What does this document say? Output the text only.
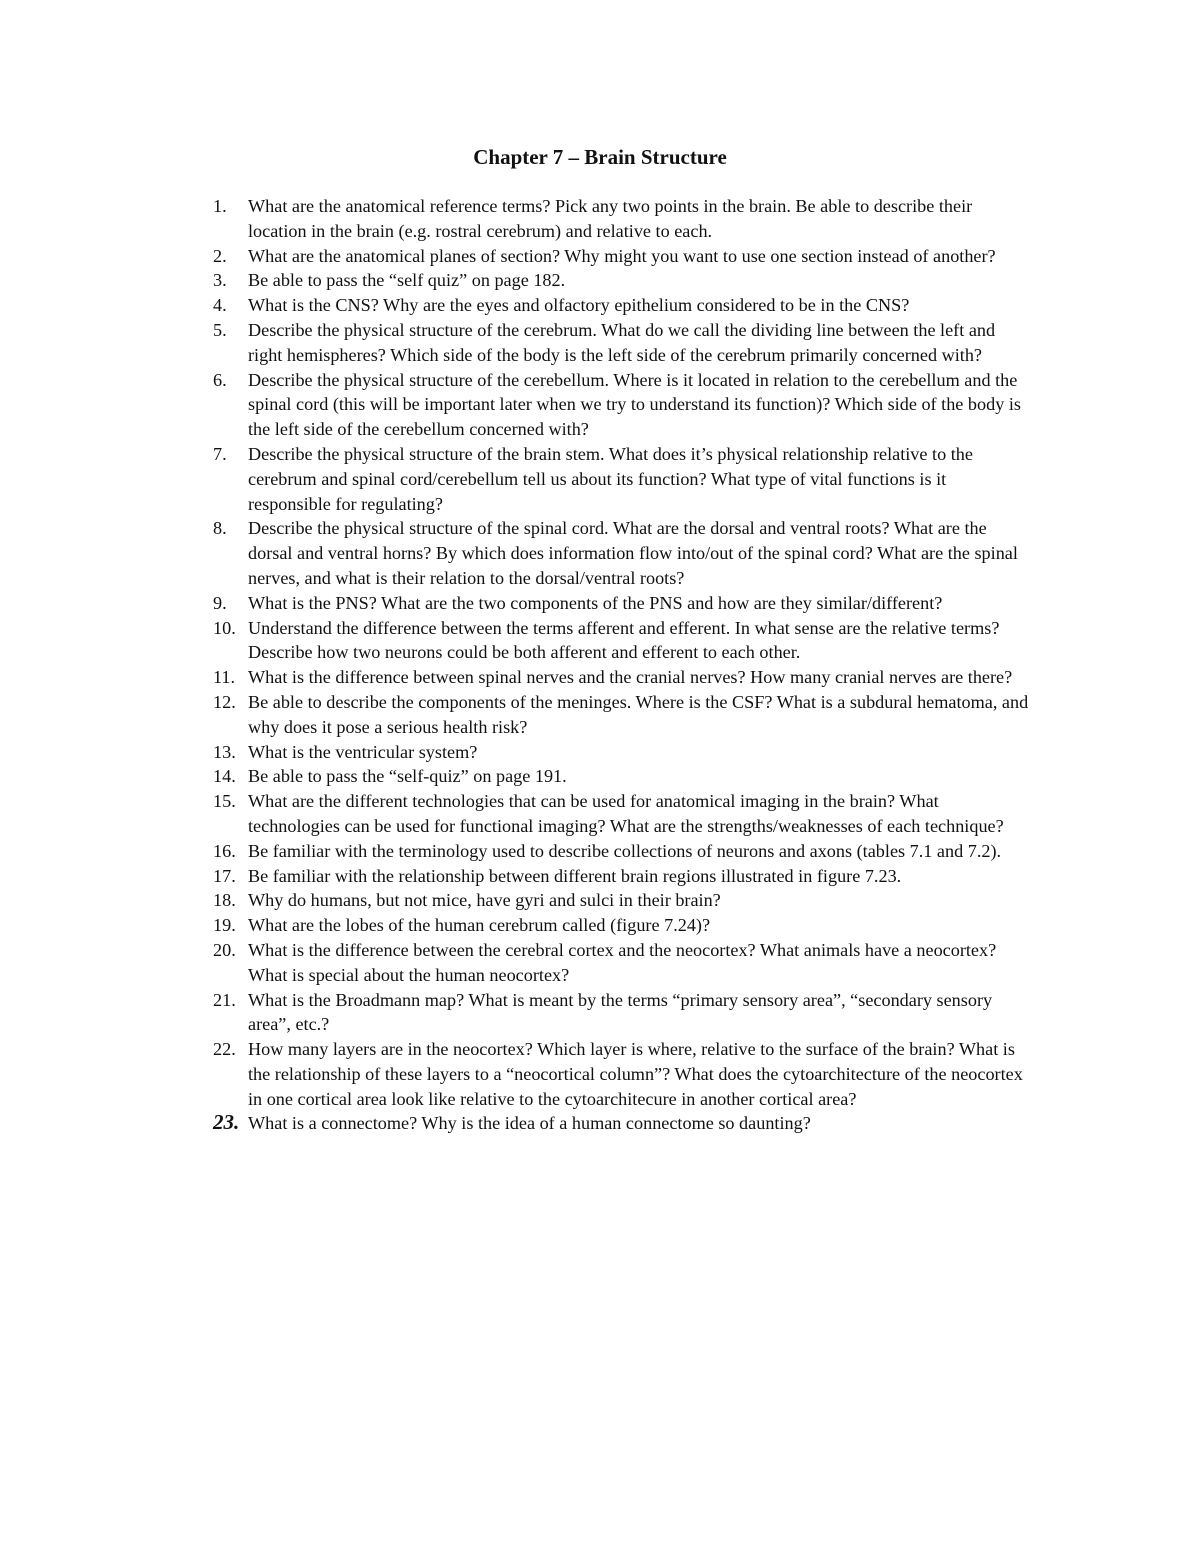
Chapter 7 – Brain Structure
1.	What are the anatomical reference terms? Pick any two points in the brain. Be able to describe their location in the brain (e.g. rostral cerebrum) and relative to each.
2.	What are the anatomical planes of section? Why might you want to use one section instead of another?
3.	Be able to pass the “self quiz” on page 182.
4.	What is the CNS? Why are the eyes and olfactory epithelium considered to be in the CNS?
5.	Describe the physical structure of the cerebrum. What do we call the dividing line between the left and right hemispheres? Which side of the body is the left side of the cerebrum primarily concerned with?
6.	Describe the physical structure of the cerebellum. Where is it located in relation to the cerebellum and the spinal cord (this will be important later when we try to understand its function)? Which side of the body is the left side of the cerebellum concerned with?
7.	Describe the physical structure of the brain stem. What does it’s physical relationship relative to the cerebrum and spinal cord/cerebellum tell us about its function? What type of vital functions is it responsible for regulating?
8.	Describe the physical structure of the spinal cord. What are the dorsal and ventral roots? What are the dorsal and ventral horns? By which does information flow into/out of the spinal cord? What are the spinal nerves, and what is their relation to the dorsal/ventral roots?
9.	What is the PNS? What are the two components of the PNS and how are they similar/different?
10. Understand the difference between the terms afferent and efferent. In what sense are the relative terms? Describe how two neurons could be both afferent and efferent to each other.
11. What is the difference between spinal nerves and the cranial nerves? How many cranial nerves are there?
12. Be able to describe the components of the meninges. Where is the CSF? What is a subdural hematoma, and why does it pose a serious health risk?
13. What is the ventricular system?
14. Be able to pass the “self-quiz” on page 191.
15. What are the different technologies that can be used for anatomical imaging in the brain? What technologies can be used for functional imaging? What are the strengths/weaknesses of each technique?
16. Be familiar with the terminology used to describe collections of neurons and axons (tables 7.1 and 7.2).
17. Be familiar with the relationship between different brain regions illustrated in figure 7.23.
18. Why do humans, but not mice, have gyri and sulci in their brain?
19. What are the lobes of the human cerebrum called (figure 7.24)?
20. What is the difference between the cerebral cortex and the neocortex? What animals have a neocortex? What is special about the human neocortex?
21. What is the Broadmann map? What is meant by the terms “primary sensory area”, “secondary sensory area”, etc.?
22. How many layers are in the neocortex? Which layer is where, relative to the surface of the brain? What is the relationship of these layers to a “neocortical column”? What does the cytoarchitecture of the neocortex in one cortical area look like relative to the cytoarchitecure in another cortical area?
23. What is a connectome? Why is the idea of a human connectome so daunting?
